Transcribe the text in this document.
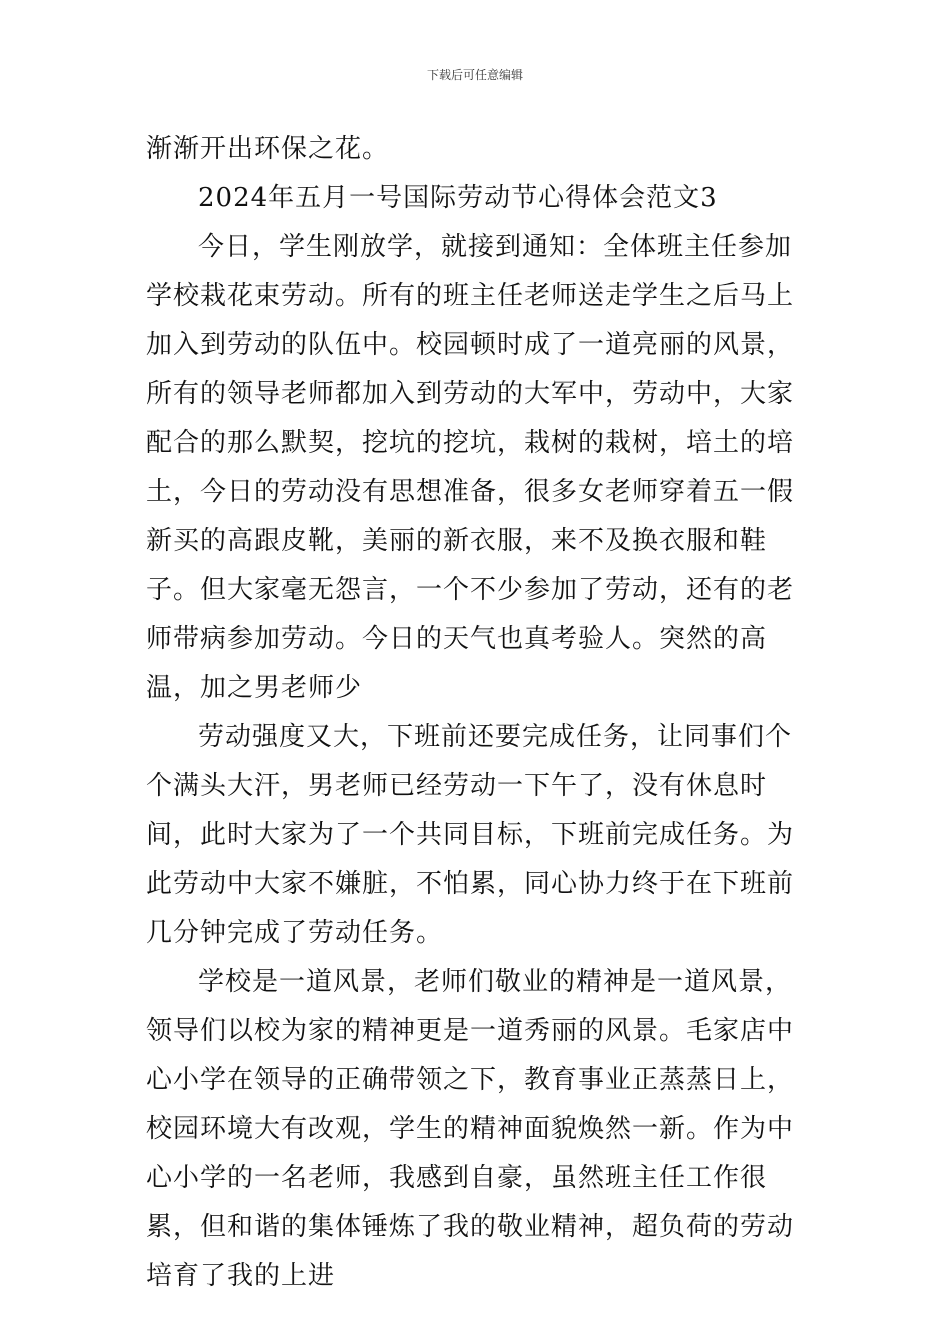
下载后可任意编辑

渐渐开出环保之花。

2024年五月一号国际劳动节心得体会范文3

今日，学生刚放学，就接到通知：全体班主任参加学校栽花束劳动。所有的班主任老师送走学生之后马上加入到劳动的队伍中。校园顿时成了一道亮丽的风景，所有的领导老师都加入到劳动的大军中，劳动中，大家配合的那么默契，挖坑的挖坑，栽树的栽树，培土的培土，今日的劳动没有思想准备，很多女老师穿着五一假新买的高跟皮靴，美丽的新衣服，来不及换衣服和鞋子。但大家毫无怨言，一个不少参加了劳动，还有的老师带病参加劳动。今日的天气也真考验人。突然的高温，加之男老师少

劳动强度又大，下班前还要完成任务，让同事们个个满头大汗，男老师已经劳动一下午了，没有休息时间，此时大家为了一个共同目标，下班前完成任务。为此劳动中大家不嫌脏，不怕累，同心协力终于在下班前几分钟完成了劳动任务。

学校是一道风景，老师们敬业的精神是一道风景，领导们以校为家的精神更是一道秀丽的风景。毛家店中心小学在领导的正确带领之下，教育事业正蒸蒸日上，校园环境大有改观，学生的精神面貌焕然一新。作为中心小学的一名老师，我感到自豪，虽然班主任工作很累，但和谐的集体锤炼了我的敬业精神，超负荷的劳动培育了我的上进
